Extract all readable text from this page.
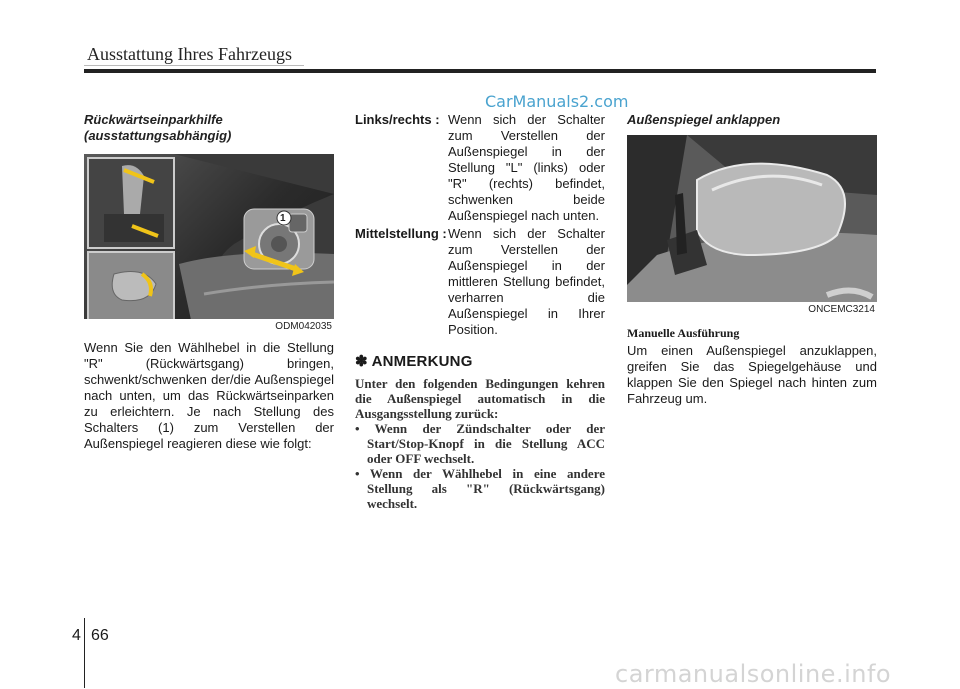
Ausstattung Ihres Fahrzeugs
CarManuals2.com

Rückwärtseinparkhilfe
(ausstattungsabhängig)

1
ODM042035

Wenn Sie den Wählhebel in die Stellung "R" (Rückwärtsgang) bringen, schwenkt/schwenken der/die Außenspiegel nach unten, um das Rückwärtseinparken zu erleichtern. Je nach Stellung des Schalters (1) zum Verstellen der Außenspiegel reagieren diese wie folgt:

Links/rechts : Wenn sich der Schalter zum Verstellen der Außenspiegel in der Stellung "L" (links) oder "R" (rechts) befindet, schwenken beide Außenspiegel nach unten.
Mittelstellung : Wenn sich der Schalter zum Verstellen der Außenspiegel in der mittleren Stellung befindet, verharren die Außenspiegel in Ihrer Position.
✽ ANMERKUNG

Unter den folgenden Bedingungen kehren die Außenspiegel automatisch in die Ausgangsstellung zurück:

• Wenn der Zündschalter oder der Start/Stop-Knopf in die Stellung ACC oder OFF wechselt.
• Wenn der Wählhebel in eine andere Stellung als "R" (Rückwärtsgang) wechselt.

Außenspiegel anklappen

ONCEMC3214
Manuelle Ausführung

Um einen Außenspiegel anzuklappen, greifen Sie das Spiegelgehäuse und klappen Sie den Spiegel nach hinten zum Fahrzeug um.

4 66
carmanualsonline.info
